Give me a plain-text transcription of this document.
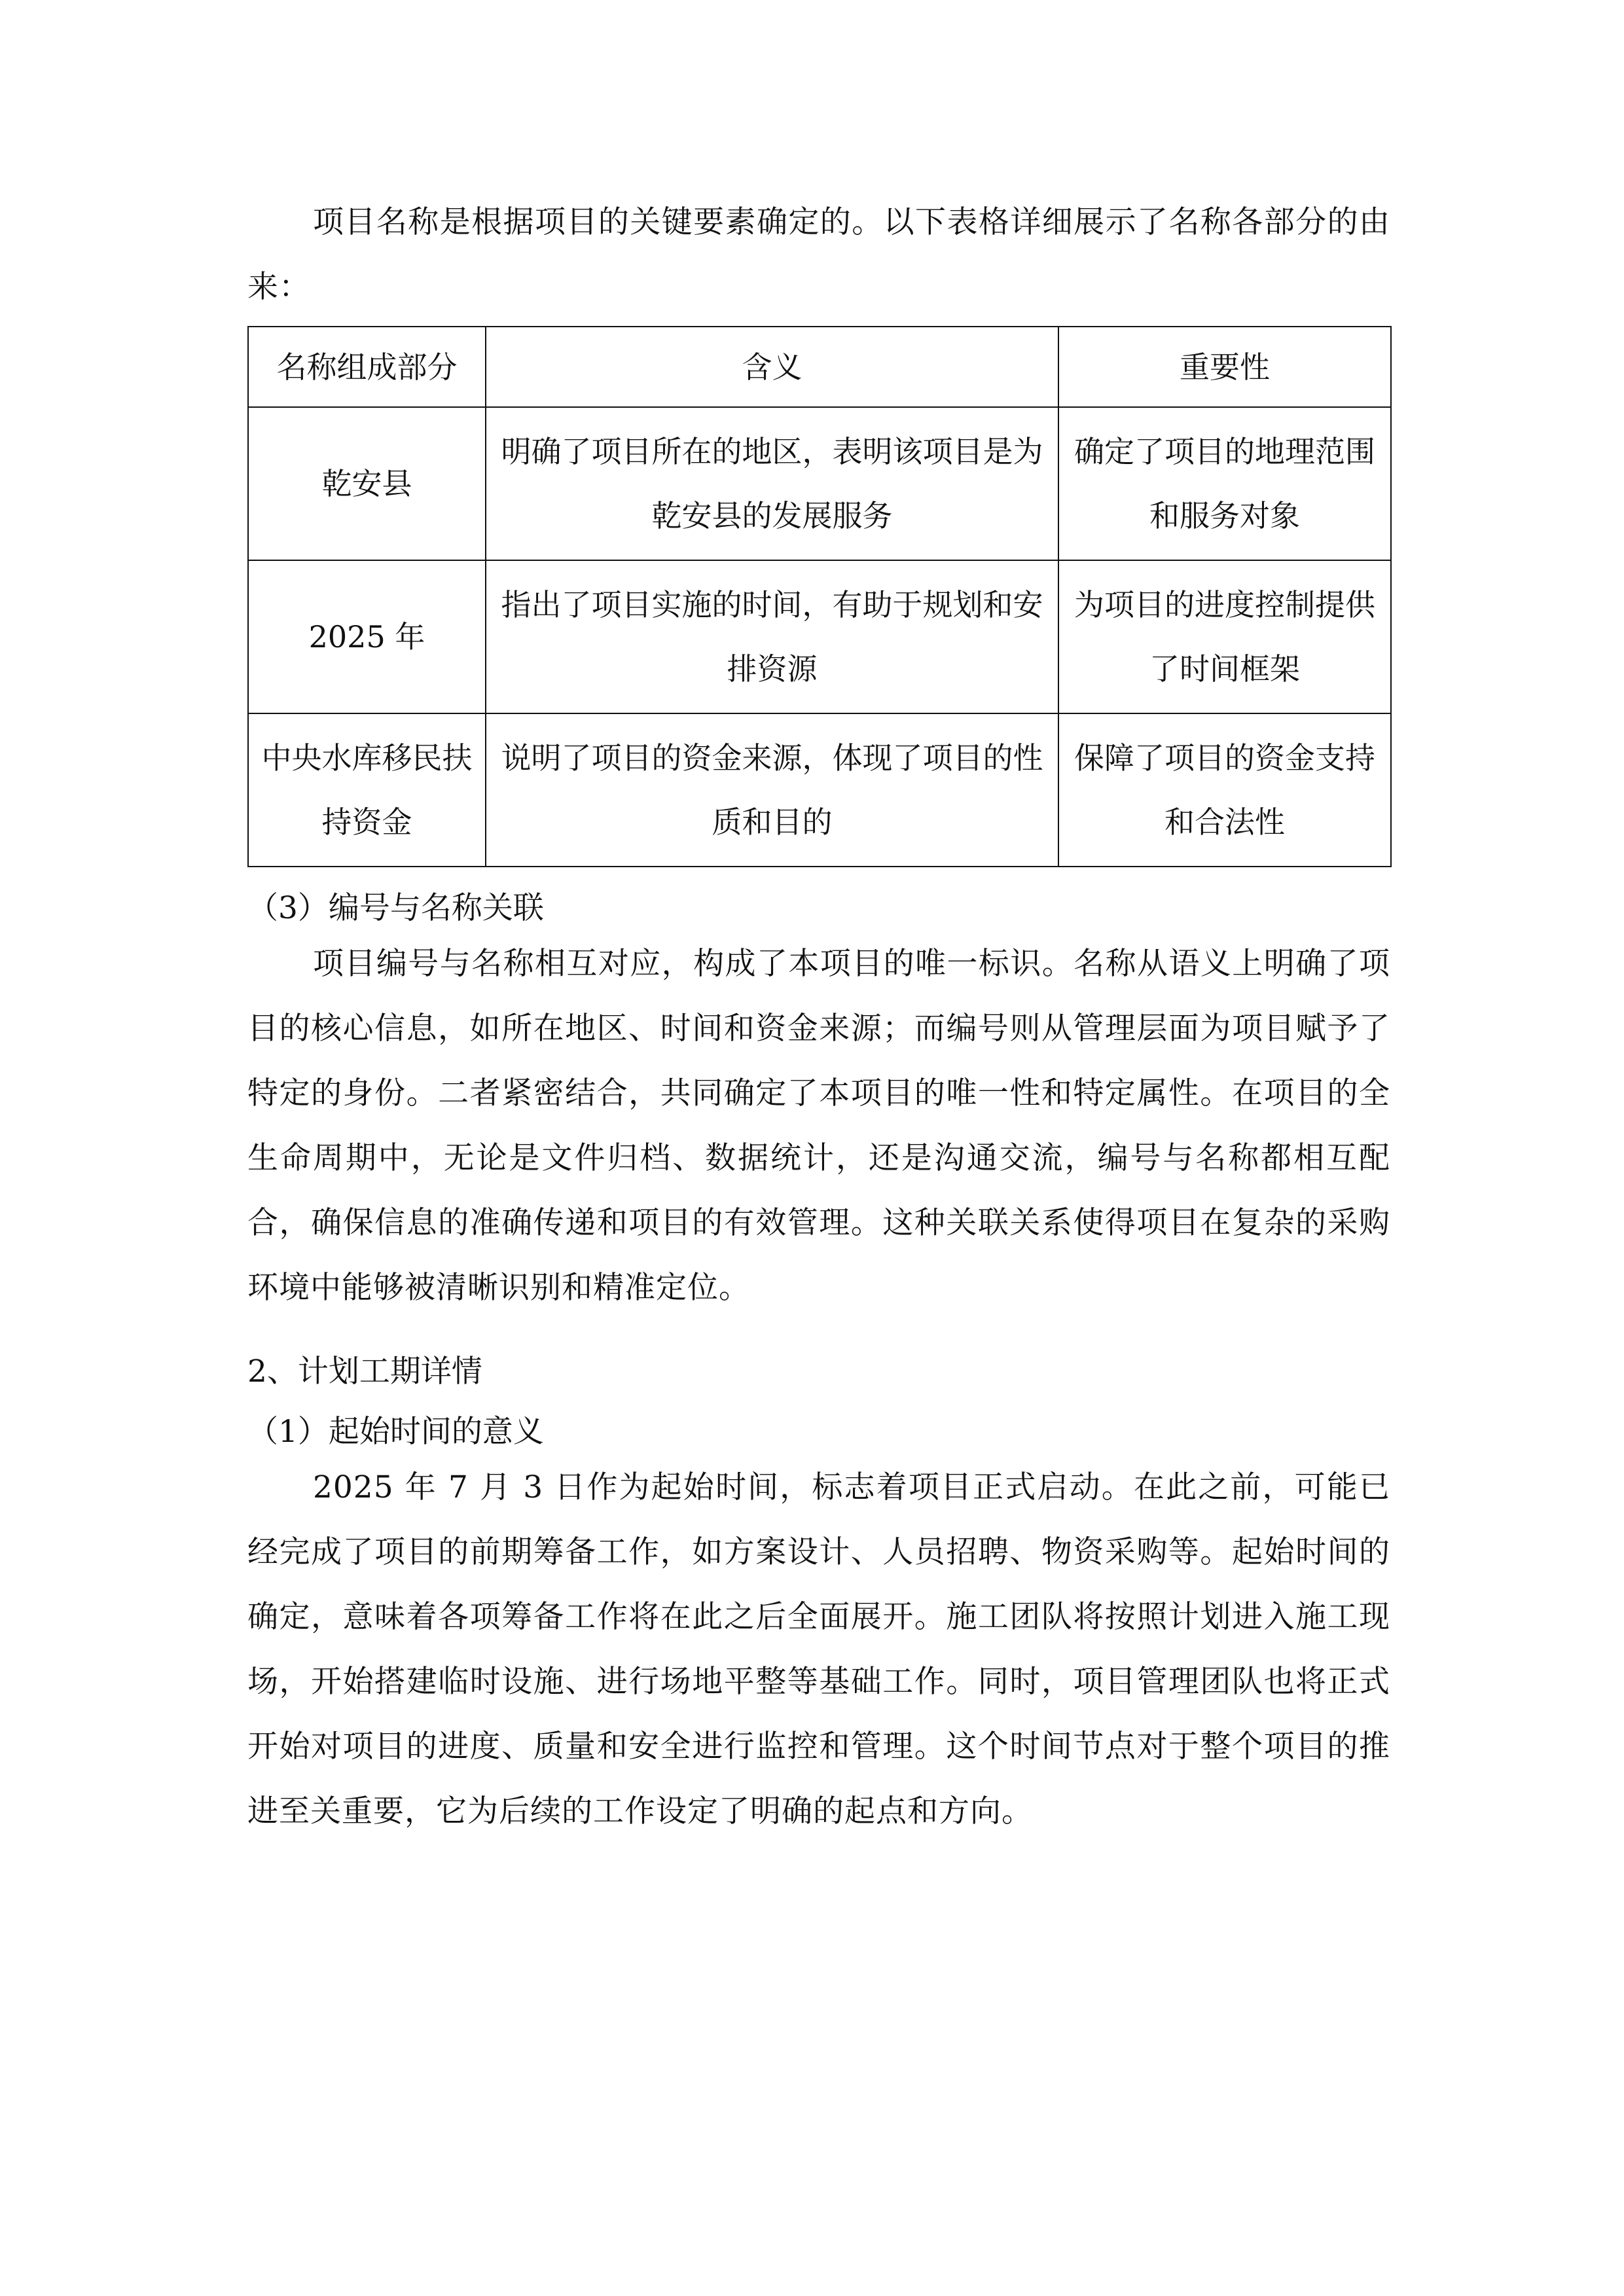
项目名称是根据项目的关键要素确定的。以下表格详细展示了名称各部分的由来：

名称组成部分	含义	重要性
乾安县	明确了项目所在的地区，表明该项目是为乾安县的发展服务	确定了项目的地理范围和服务对象
2025 年	指出了项目实施的时间，有助于规划和安排资源	为项目的进度控制提供了时间框架
中央水库移民扶持资金	说明了项目的资金来源，体现了项目的性质和目的	保障了项目的资金支持和合法性

（3）编号与名称关联

项目编号与名称相互对应，构成了本项目的唯一标识。名称从语义上明确了项目的核心信息，如所在地区、时间和资金来源；而编号则从管理层面为项目赋予了特定的身份。二者紧密结合，共同确定了本项目的唯一性和特定属性。在项目的全生命周期中，无论是文件归档、数据统计，还是沟通交流，编号与名称都相互配合，确保信息的准确传递和项目的有效管理。这种关联关系使得项目在复杂的采购环境中能够被清晰识别和精准定位。

2、计划工期详情

（1）起始时间的意义

2025 年 7 月 3 日作为起始时间，标志着项目正式启动。在此之前，可能已经完成了项目的前期筹备工作，如方案设计、人员招聘、物资采购等。起始时间的确定，意味着各项筹备工作将在此之后全面展开。施工团队将按照计划进入施工现场，开始搭建临时设施、进行场地平整等基础工作。同时，项目管理团队也将正式开始对项目的进度、质量和安全进行监控和管理。这个时间节点对于整个项目的推进至关重要，它为后续的工作设定了明确的起点和方向。
